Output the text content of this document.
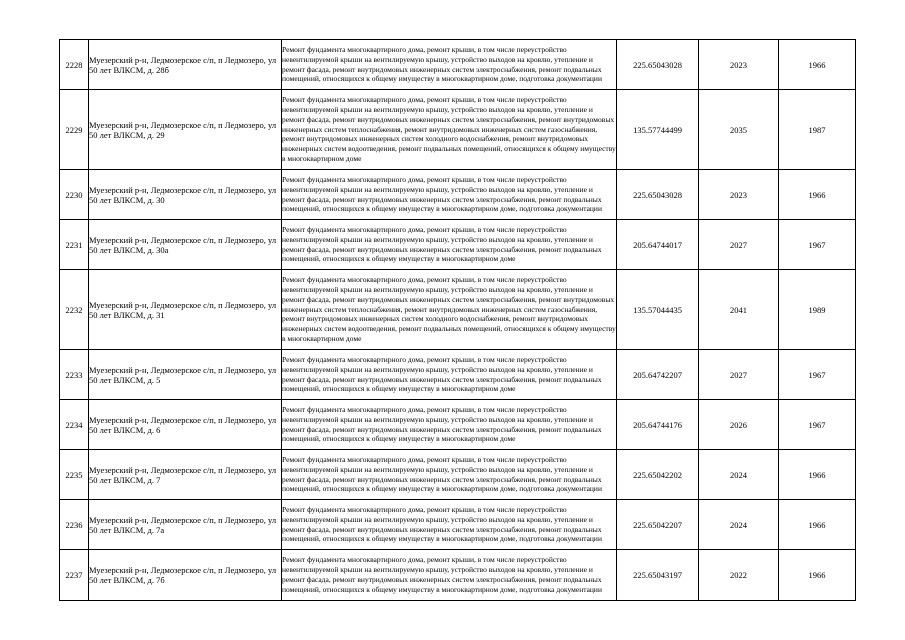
2228	Муезерский р-н, Ледмозерское с/п, п Ледмозеро, ул 50 лет ВЛКСМ, д. 28б	Ремонт фундамента многоквартирного дома, ремонт крыши, в том числе переустройство невентилируемой крыши на вентилируемую крышу, устройство выходов на кровлю, утепление и ремонт фасада, ремонт внутридомовых инженерных систем электроснабжения, ремонт подвальных помещений, относящихся к общему имуществу в многоквартирном доме, подготовка документации	225.65043028	2023	1966
2229	Муезерский р-н, Ледмозерское с/п, п Ледмозеро, ул 50 лет ВЛКСМ, д. 29	Ремонт фундамента многоквартирного дома, ремонт крыши, в том числе переустройство невентилируемой крыши на вентилируемую крышу, устройство выходов на кровлю, утепление и ремонт фасада, ремонт внутридомовых инженерных систем электроснабжения, ремонт внутридомовых инженерных систем теплоснабжения, ремонт внутридомовых инженерных систем газоснабжения, ремонт внутридомовых инженерных систем холодного водоснабжения, ремонт внутридомовых инженерных систем водоотведения, ремонт подвальных помещений, относящихся к общему имуществу в многоквартирном доме	135.57744499	2035	1987
2230	Муезерский р-н, Ледмозерское с/п, п Ледмозеро, ул 50 лет ВЛКСМ, д. 30	Ремонт фундамента многоквартирного дома, ремонт крыши, в том числе переустройство невентилируемой крыши на вентилируемую крышу, устройство выходов на кровлю, утепление и ремонт фасада, ремонт внутридомовых инженерных систем электроснабжения, ремонт подвальных помещений, относящихся к общему имуществу в многоквартирном доме, подготовка документации	225.65043028	2023	1966
2231	Муезерский р-н, Ледмозерское с/п, п Ледмозеро, ул 50 лет ВЛКСМ, д. 30а	Ремонт фундамента многоквартирного дома, ремонт крыши, в том числе переустройство невентилируемой крыши на вентилируемую крышу, устройство выходов на кровлю, утепление и ремонт фасада, ремонт внутридомовых инженерных систем электроснабжения, ремонт подвальных помещений, относящихся к общему имуществу в многоквартирном доме	205.64744017	2027	1967
2232	Муезерский р-н, Ледмозерское с/п, п Ледмозеро, ул 50 лет ВЛКСМ, д. 31	Ремонт фундамента многоквартирного дома, ремонт крыши, в том числе переустройство невентилируемой крыши на вентилируемую крышу, устройство выходов на кровлю, утепление и ремонт фасада, ремонт внутридомовых инженерных систем электроснабжения, ремонт внутридомовых инженерных систем теплоснабжения, ремонт внутридомовых инженерных систем газоснабжения, ремонт внутридомовых инженерных систем холодного водоснабжения, ремонт внутридомовых инженерных систем водоотведения, ремонт подвальных помещений, относящихся к общему имуществу в многоквартирном доме	135.57044435	2041	1989
2233	Муезерский р-н, Ледмозерское с/п, п Ледмозеро, ул 50 лет ВЛКСМ, д. 5	Ремонт фундамента многоквартирного дома, ремонт крыши, в том числе переустройство невентилируемой крыши на вентилируемую крышу, устройство выходов на кровлю, утепление и ремонт фасада, ремонт внутридомовых инженерных систем электроснабжения, ремонт подвальных помещений, относящихся к общему имуществу в многоквартирном доме	205.64742207	2027	1967
2234	Муезерский р-н, Ледмозерское с/п, п Ледмозеро, ул 50 лет ВЛКСМ, д. 6	Ремонт фундамента многоквартирного дома, ремонт крыши, в том числе переустройство невентилируемой крыши на вентилируемую крышу, устройство выходов на кровлю, утепление и ремонт фасада, ремонт внутридомовых инженерных систем электроснабжения, ремонт подвальных помещений, относящихся к общему имуществу в многоквартирном доме	205.64744176	2026	1967
2235	Муезерский р-н, Ледмозерское с/п, п Ледмозеро, ул 50 лет ВЛКСМ, д. 7	Ремонт фундамента многоквартирного дома, ремонт крыши, в том числе переустройство невентилируемой крыши на вентилируемую крышу, устройство выходов на кровлю, утепление и ремонт фасада, ремонт внутридомовых инженерных систем электроснабжения, ремонт подвальных помещений, относящихся к общему имуществу в многоквартирном доме, подготовка документации	225.65042202	2024	1966
2236	Муезерский р-н, Ледмозерское с/п, п Ледмозеро, ул 50 лет ВЛКСМ, д. 7а	Ремонт фундамента многоквартирного дома, ремонт крыши, в том числе переустройство невентилируемой крыши на вентилируемую крышу, устройство выходов на кровлю, утепление и ремонт фасада, ремонт внутридомовых инженерных систем электроснабжения, ремонт подвальных помещений, относящихся к общему имуществу в многоквартирном доме, подготовка документации	225.65042207	2024	1966
2237	Муезерский р-н, Ледмозерское с/п, п Ледмозеро, ул 50 лет ВЛКСМ, д. 7б	Ремонт фундамента многоквартирного дома, ремонт крыши, в том числе переустройство невентилируемой крыши на вентилируемую крышу, устройство выходов на кровлю, утепление и ремонт фасада, ремонт внутридомовых инженерных систем электроснабжения, ремонт подвальных помещений, относящихся к общему имуществу в многоквартирном доме, подготовка документации	225.65043197	2022	1966
